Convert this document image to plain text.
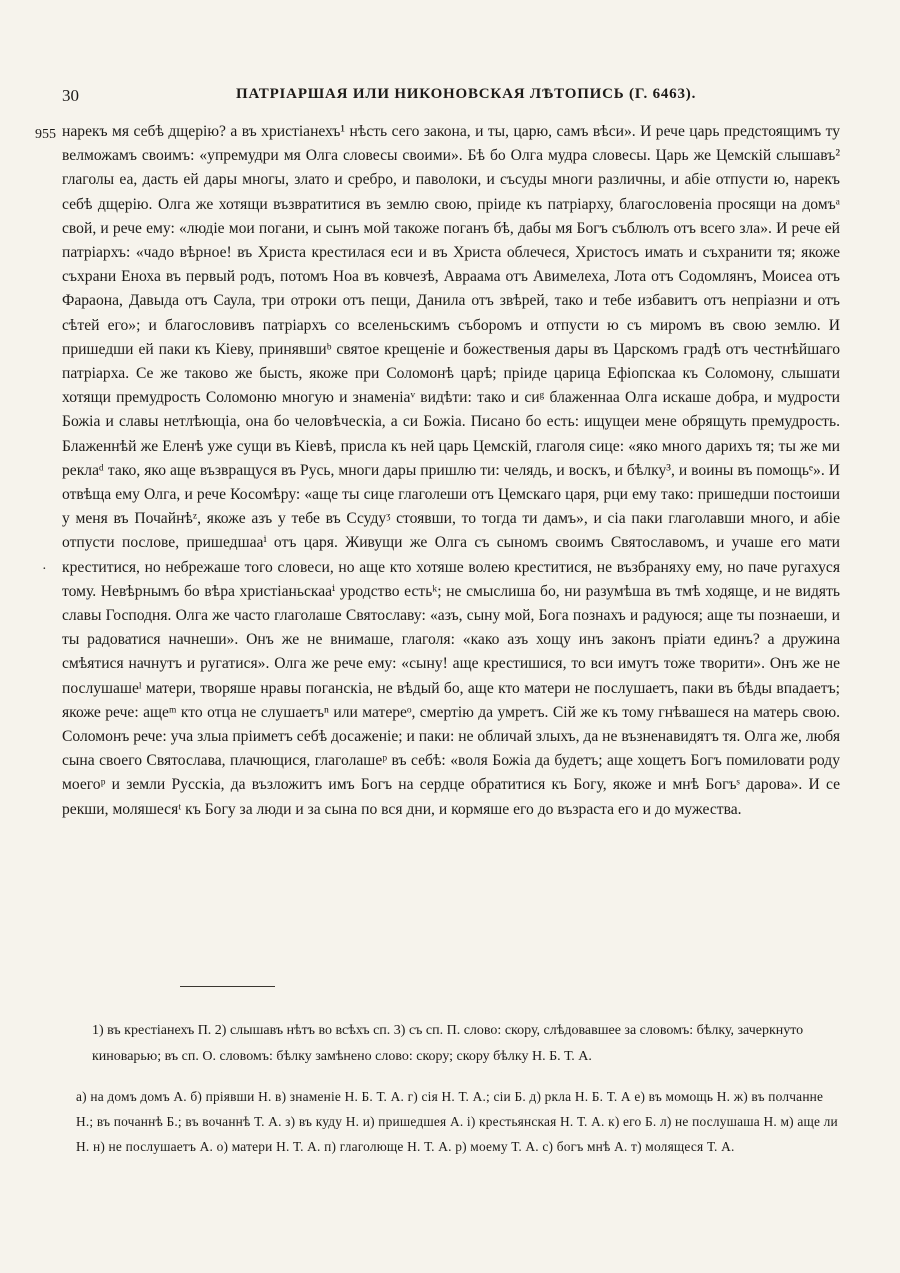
30	ПАТРІАРШАЯ ИЛИ НИКОНОВСКАЯ ЛѢТОПИСЬ (Г. 6463).
955
·

нарекъ мя себѣ дщерію? а въ христіанехъ¹ нѣсть сего закона, и ты, царю, самъ вѣси». И рече царь предстоящимъ ту велможамъ своимъ: «упремудри мя Олга словесы своими». Бѣ бо Олга мудра словесы. Царь же Цемскій слышавъ² глаголы еа, дасть ей дары многы, злато и сребро, и паволоки, и съсуды многи различны, и абіе отпусти ю, нарекъ себѣ дщерію. Олга же хотящи възвратитися въ землю свою, пріиде къ патріарху, благословеніа просящи на домъᵃ свой, и рече ему: «людіе мои погани, и сынъ мой такоже поганъ бѣ, дабы мя Богъ съблюлъ отъ всего зла». И рече ей патріархъ: «чадо вѣрное! въ Христа крестилася еси и въ Христа облечеся, Христосъ имать и съхранити тя; якоже съхрани Еноха въ первый родъ, потомъ Ноа въ ковчезѣ, Авраама отъ Авимелеха, Лота отъ Содомлянъ, Моисеа отъ Фараона, Давыда отъ Саула, три отроки отъ пещи, Данила отъ звѣрей, тако и тебе избавитъ отъ непріазни и отъ сѣтей его»; и благословивъ патріархъ со вселеньскимъ съборомъ и отпусти ю съ миромъ въ свою землю. И пришедши ей паки къ Кіеву, принявшиᵇ святое крещеніе и божественыя дары въ Царскомъ градѣ отъ честнѣйшаго патріарха. Се же таково же бысть, якоже при Соломонѣ царѣ; пріиде царица Ефіопскаа къ Соломону, слышати хотящи премудрость Соломоню многую и знаменіаᵛ видѣти: тако и сиᵍ блаженнаа Олга искаше добра, и мудрости Божіа и славы нетлѣющіа, она бо человѣческіа, а си Божіа. Писано бо есть: ищущеи мене обрящуть премудрость. Блаженнѣй же Еленѣ уже сущи въ Кіевѣ, присла къ ней царь Цемскій, глаголя сице: «яко много дарихъ тя; ты же ми реклаᵈ тако, яко аще възвращуся въ Русь, многи дары пришлю ти: челядь, и воскъ, и бѣлку³, и воины въ помощьᵉ». И отвѣща ему Олга, и рече Косомѣру: «аще ты сице глаголеши отъ Цемскаго царя, рци ему тако: пришедши постоиши у меня въ Почайнѣᶻ, якоже азъ у тебе въ Ссудуᶾ стоявши, то тогда ти дамъ», и сіа паки глаголавши много, и абіе отпусти послове, пришедшааⁱ отъ царя. Живущи же Олга съ сыномъ своимъ Святославомъ, и учаше его мати креститися, но небрежаше того словеси, но аще кто хотяше волею креститися, не възбраняху ему, но паче ругахуся тому. Невѣрнымъ бо вѣра христіаньскааⁱ уродство естьᵏ; не смыслиша бо, ни разумѣша въ тмѣ ходяще, и не видять славы Господня. Олга же часто глаголаше Святославу: «азъ, сыну мой, Бога познахъ и радуюся; аще ты познаеши, и ты радоватися начнеши». Онъ же не внимаше, глаголя: «како азъ хощу инъ законъ пріати единъ? а дружина смѣятися начнутъ и ругатися». Олга же рече ему: «сыну! аще крестишися, то вси имутъ тоже творити». Онъ же не послушашеˡ матери, творяше нравы поганскіа, не вѣдый бо, аще кто матери не послушаетъ, паки въ бѣды впадаетъ; якоже рече: ащеᵐ кто отца не слушаетъⁿ или матереᵒ, смертію да умретъ. Сій же къ тому гнѣвашеся на матерь свою. Соломонъ рече: уча злыа пріиметъ себѣ досаженіе; и паки: не обличай злыхъ, да не възненавидятъ тя. Олга же, любя сына своего Святослава, плачющися, глаголашеᵖ въ себѣ: «воля Божіа да будетъ; аще хощетъ Богъ помиловати роду моегоᵖ и земли Русскіа, да възложитъ имъ Богъ на сердце обратитися къ Богу, якоже и мнѣ Богъˢ дарова». И се рекши, моляшесяᵗ къ Богу за люди и за сына по вся дни, и кормяше его до възраста его и до мужества.

1) въ крестіанехъ П. 2) слышавъ нѣтъ во всѣхъ сп. 3) съ сп. П. слово: скору, слѣдовавшее за словомъ: бѣлку, зачеркнуто киноварью; въ сп. О. словомъ: бѣлку замѣнено слово: скору; скору бѣлку Н. Б. Т. А.

а) на домъ домъ А. б) пріявши Н. в) знаменіе Н. Б. Т. А. г) сія Н. Т. А.; сіи Б. д) ркла Н. Б. Т. А е) въ момощь Н. ж) въ полчанне Н.; въ почаннѣ Б.; въ вочаннѣ Т. А. з) въ куду Н. и) пришедшея А. і) крестьянская Н. Т. А. к) его Б. л) не послушаша Н. м) аще ли Н. н) не послушаетъ А. о) матери Н. Т. А. п) глаголюще Н. Т. А. р) моему Т. А. с) богъ мнѣ А. т) молящеся Т. А.
